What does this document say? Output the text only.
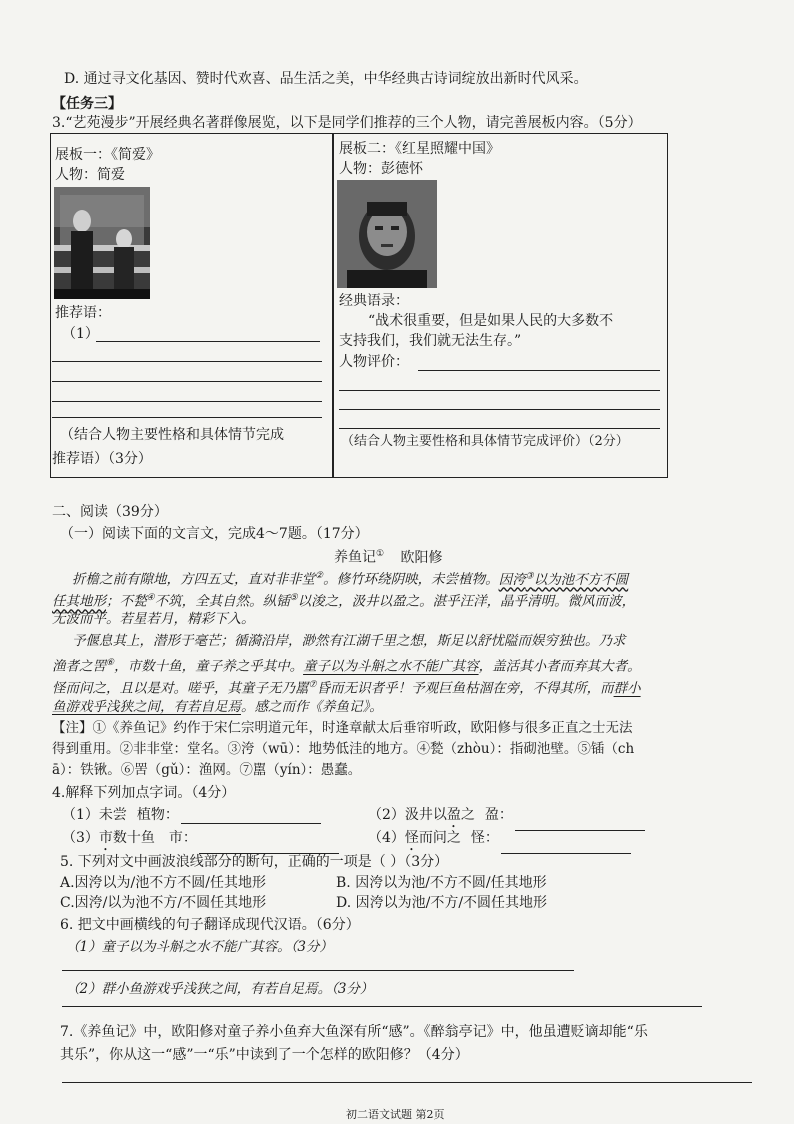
D. 通过寻文化基因、赞时代欢喜、品生活之美，中华经典古诗词绽放出新时代风采。
【任务三】
3.“艺苑漫步”开展经典名著群像展览，以下是同学们推荐的三个人物，请完善展板内容。（5分）
展板一：《简爱》
人物：简爱
推荐语：
（1）
（结合人物主要性格和具体情节完成
推荐语）（3分）
展板二：《红星照耀中国》
人物：彭德怀
经典语录：
“战术很重要，但是如果人民的大多数不
支持我们，我们就无法生存。”
人物评价：
（结合人物主要性格和具体情节完成评价）（2分）
二、阅读（39分）
（一）阅读下面的文言文，完成4～7题。（17分）
养鱼记① 欧阳修
折檐之前有隙地，方四五丈，直对非非堂②。修竹环绕阴映，未尝植物。因洿③以为池不方不圆
任其地形；不甃④不筑，全其自然。纵锸⑤以浚之，汲井以盈之。湛乎汪洋，晶乎清明。微风而波，
无波而平。若星若月，精彩下入。
予偃息其上，潜形于毫芒；循漪沿岸，渺然有江湖千里之想，斯足以舒忧隘而娱穷独也。乃求
渔者之罟⑥，市数十鱼，童子养之乎其中。童子以为斗斛之水不能广其容，盖活其小者而弃其大者。
怪而问之，且以是对。嗟乎，其童子无乃嚚⑦昏而无识者乎！予观巨鱼枯涸在旁，不得其所，而群小
鱼游戏乎浅狭之间，有若自足焉。感之而作《养鱼记》。
【注】①《养鱼记》约作于宋仁宗明道元年，时逢章献太后垂帘听政，欧阳修与很多正直之士无法
得到重用。②非非堂：堂名。③洿（wū）：地势低洼的地方。④甃（zhòu）：指砌池壁。⑤锸（ch
ā）：铁锹。⑥罟（gǔ）：渔网。⑦嚚（yín）：愚蠢。
4.解释下列加点字词。（4分）
（1）未尝 植物：	（2）汲井以盈之 盈：
（3）市数十鱼 市：	（4）怪而问之 怪：
5. 下列对文中画波浪线部分的断句，正确的一项是（ ）（3分）
A.因洿以为/池不方不圆/任其地形	B. 因洿以为池/不方不圆/任其地形
C.因洿/以为池不方/不圆任其地形	D. 因洿以为池/不方/不圆任其地形
6. 把文中画横线的句子翻译成现代汉语。（6分）
（1）童子以为斗斛之水不能广其容。（3分）
（2）群小鱼游戏乎浅狭之间，有若自足焉。（3分）
7.《养鱼记》中，欧阳修对童子养小鱼弃大鱼深有所“感”。《醉翁亭记》中，他虽遭贬谪却能“乐
其乐”，你从这一“感”一“乐”中读到了一个怎样的欧阳修？（4分）
初二语文试题 第2页
